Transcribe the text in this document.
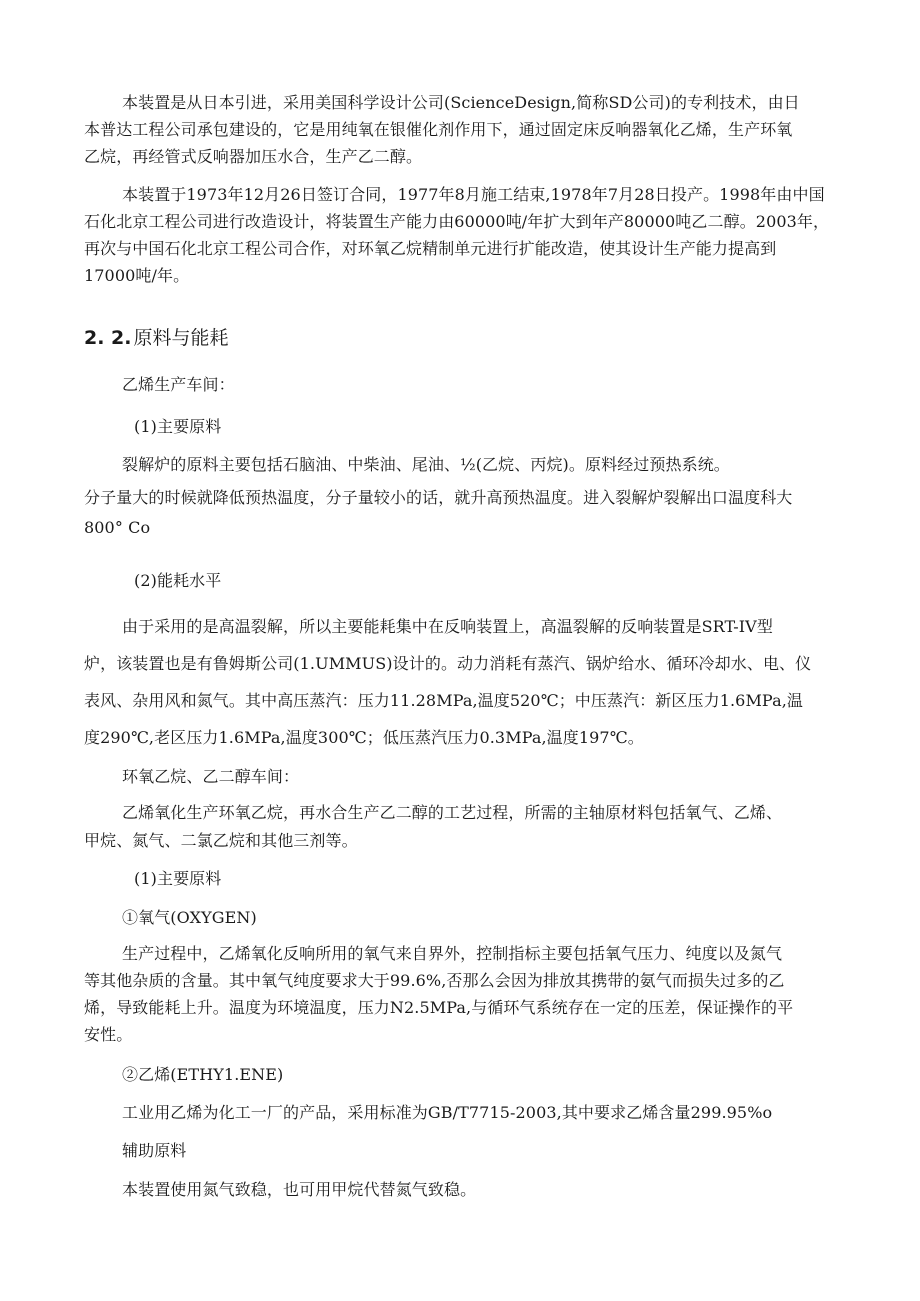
本装置是从日本引进，采用美国科学设计公司(ScienceDesign,简称SD公司)的专利技术，由日
本普达工程公司承包建设的，它是用纯氧在银催化剂作用下，通过固定床反响器氧化乙烯，生产环氧
乙烷，再经管式反响器加压水合，生产乙二醇。
本装置于1973年12月26日签订合同，1977年8月施工结束,1978年7月28日投产。1998年由中国
石化北京工程公司进行改造设计，将装置生产能力由60000吨/年扩大到年产80000吨乙二醇。2003年，
再次与中国石化北京工程公司合作，对环氧乙烷精制单元进行扩能改造，使其设计生产能力提高到
17000吨/年。
2. 2. 原料与能耗
乙烯生产车间：
(1)主要原料
裂解炉的原料主要包括石脑油、中柴油、尾油、½(乙烷、丙烷)。原料经过预热系统。
分子量大的时候就降低预热温度，分子量较小的话，就升高预热温度。进入裂解炉裂解出口温度科大
800° Co
(2)能耗水平
由于采用的是高温裂解，所以主要能耗集中在反响装置上，高温裂解的反响装置是SRT-IV型
炉，该装置也是有鲁姆斯公司(1.UMMUS)设计的。动力消耗有蒸汽、锅炉给水、循环冷却水、电、仪
表风、杂用风和氮气。其中高压蒸汽：压力11.28MPa,温度520℃；中压蒸汽：新区压力1.6MPa,温
度290℃,老区压力1.6MPa,温度300℃；低压蒸汽压力0.3MPa,温度197℃。
环氧乙烷、乙二醇车间：
乙烯氧化生产环氧乙烷，再水合生产乙二醇的工艺过程，所需的主轴原材料包括氧气、乙烯、
甲烷、氮气、二氯乙烷和其他三剂等。
(1)主要原料
①氧气(OXYGEN)
生产过程中，乙烯氧化反响所用的氧气来自界外，控制指标主要包括氧气压力、纯度以及氮气
等其他杂质的含量。其中氧气纯度要求大于99.6%,否那么会因为排放其携带的氨气而损失过多的乙
烯，导致能耗上升。温度为环境温度，压力N2.5MPa,与循环气系统存在一定的压差，保证操作的平
安性。
②乙烯(ETHY1.ENE)
工业用乙烯为化工一厂的产品，采用标准为GB/T7715-2003,其中要求乙烯含量299.95%o
辅助原料
本装置使用氮气致稳，也可用甲烷代替氮气致稳。
